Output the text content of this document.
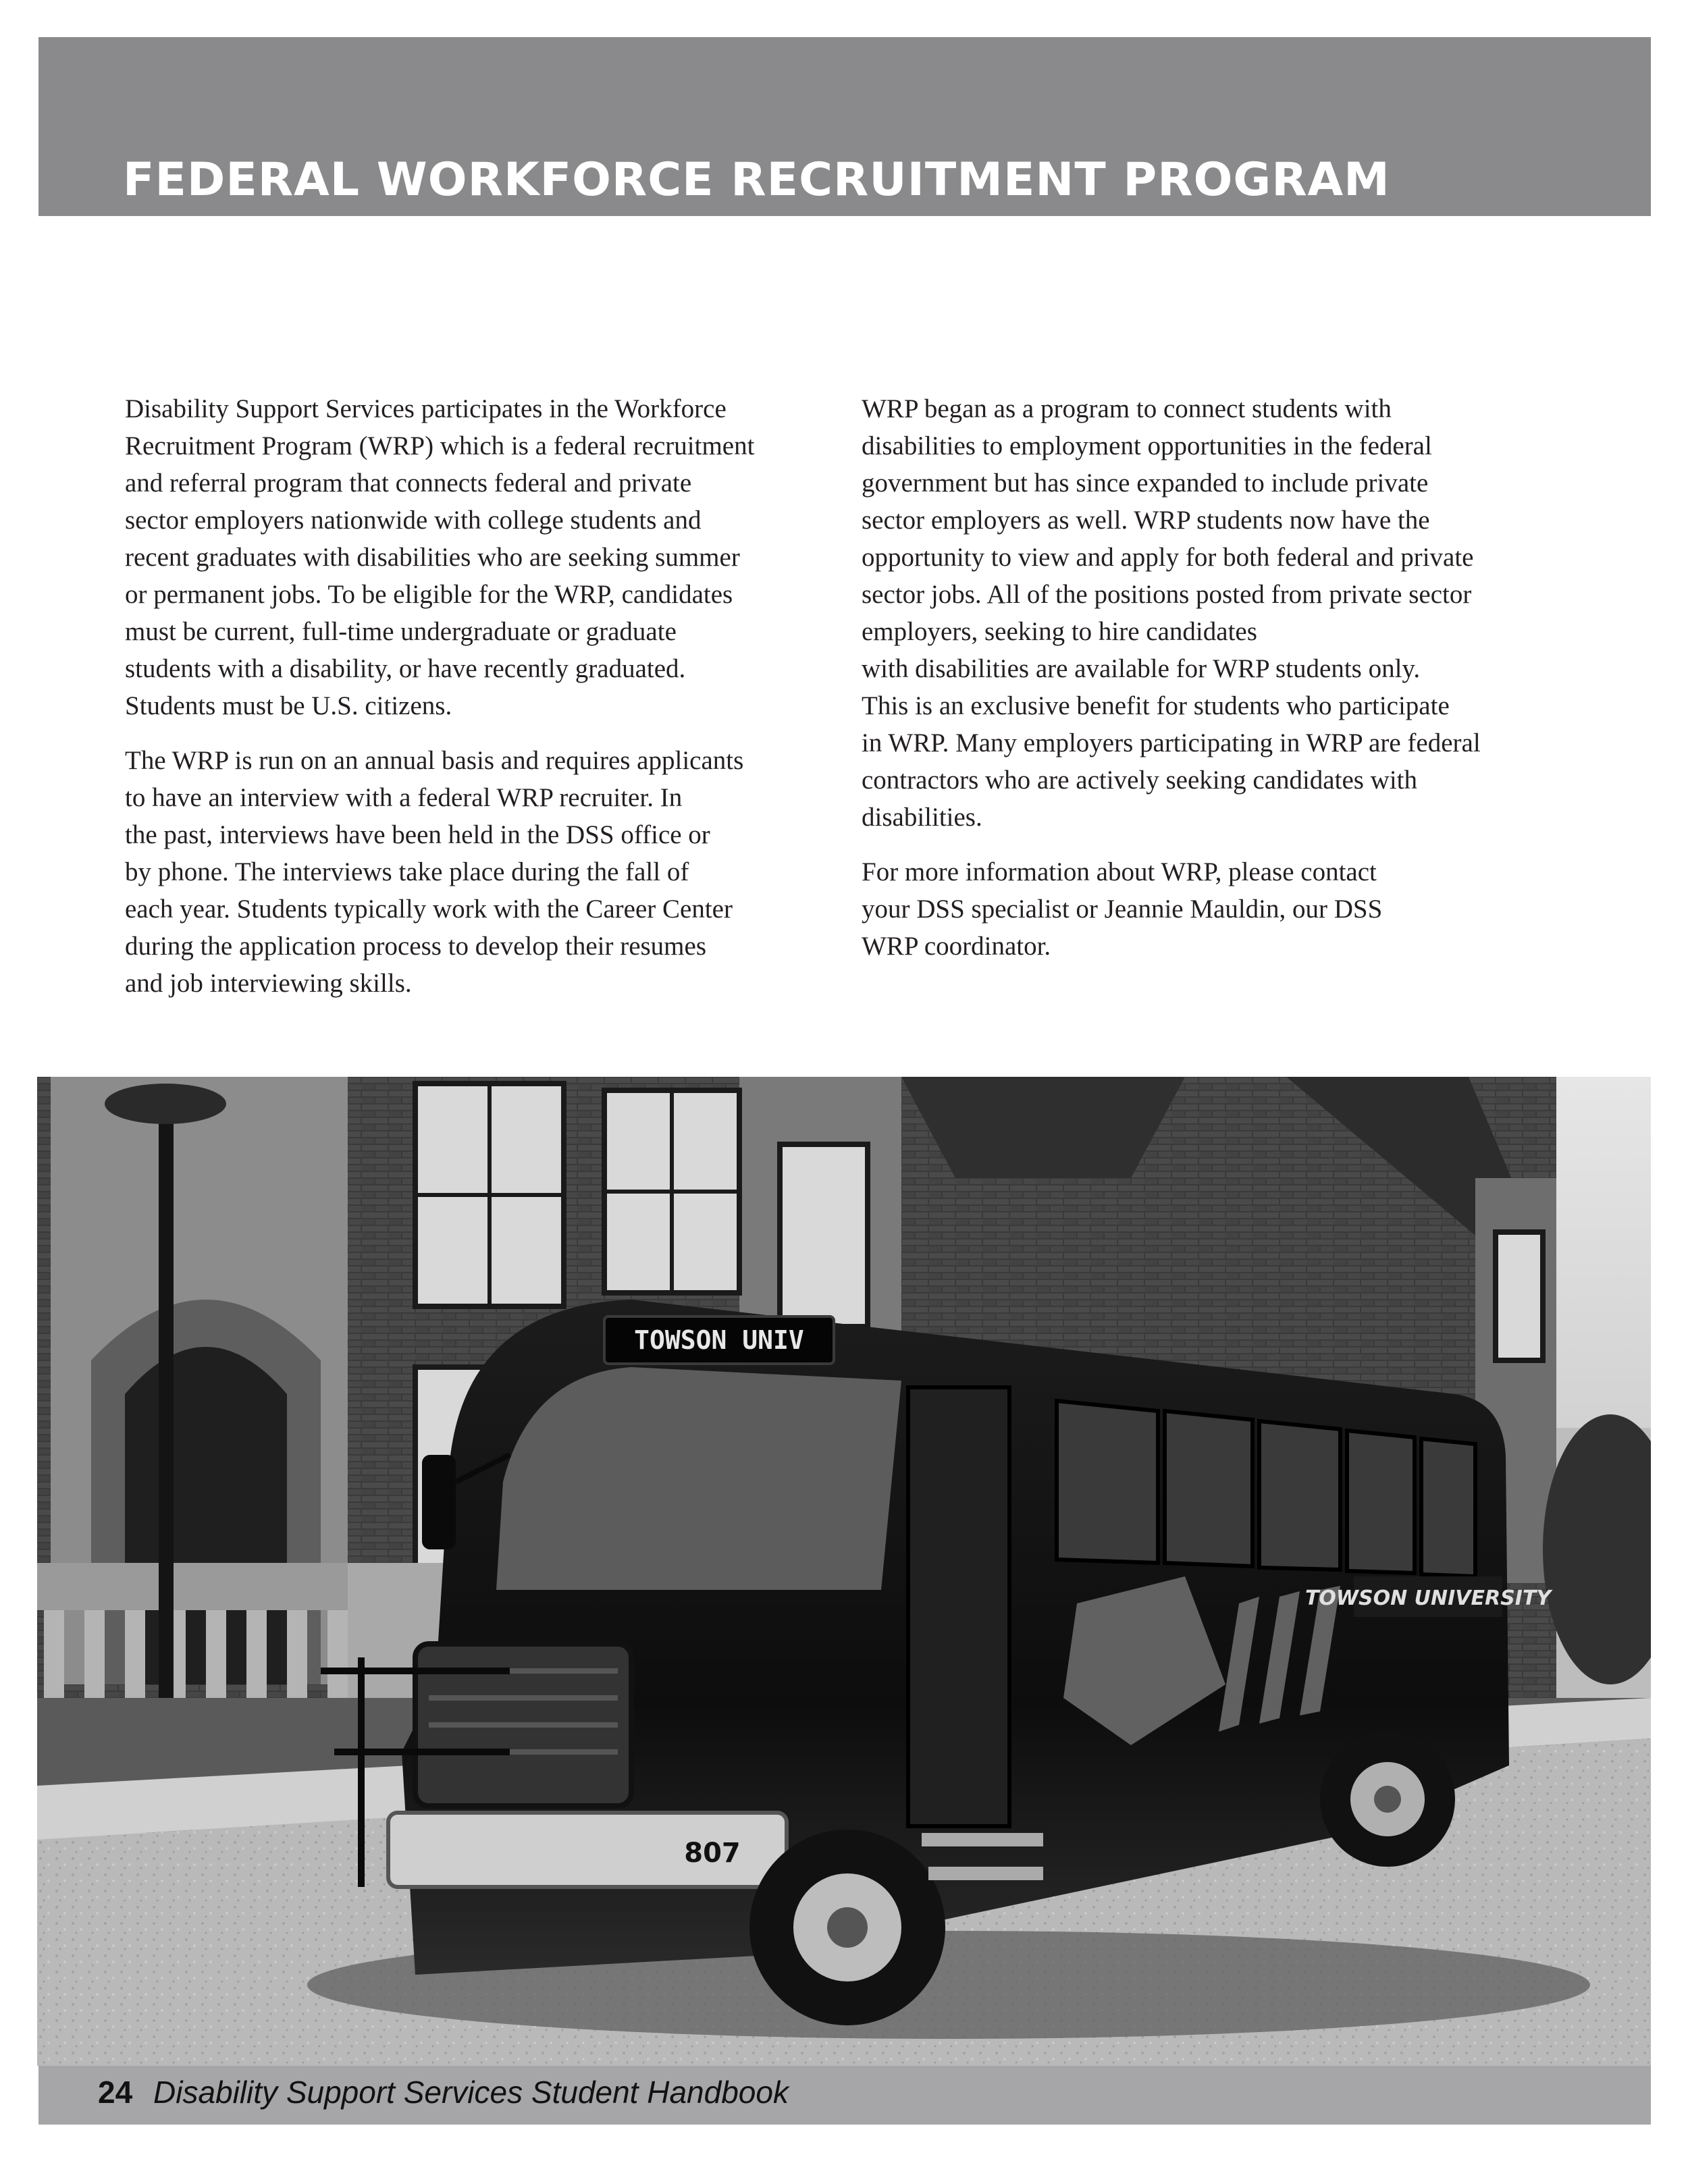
FEDERAL WORKFORCE RECRUITMENT PROGRAM

Disability Support Services participates in the Workforce
Recruitment Program (WRP) which is a federal recruitment
and referral program that connects federal and private
sector employers nationwide with college students and
recent graduates with disabilities who are seeking summer
or permanent jobs. To be eligible for the WRP, candidates
must be current, full-time undergraduate or graduate
students with a disability, or have recently graduated.
Students must be U.S. citizens.

The WRP is run on an annual basis and requires applicants
to have an interview with a federal WRP recruiter. In
the past, interviews have been held in the DSS office or
by phone. The interviews take place during the fall of
each year. Students typically work with the Career Center
during the application process to develop their resumes
and job interviewing skills.

WRP began as a program to connect students with
disabilities to employment opportunities in the federal
government but has since expanded to include private
sector employers as well. WRP students now have the
opportunity to view and apply for both federal and private
sector jobs. All of the positions posted from private sector
employers, seeking to hire candidates
with disabilities are available for WRP students only.
This is an exclusive benefit for students who participate
in WRP. Many employers participating in WRP are federal
contractors who are actively seeking candidates with
disabilities.

For more information about WRP, please contact
your DSS specialist or Jeannie Mauldin, our DSS
WRP coordinator.

TOWSON UNIV
TOWSON UNIVERSITY
807
24 Disability Support Services Student Handbook
